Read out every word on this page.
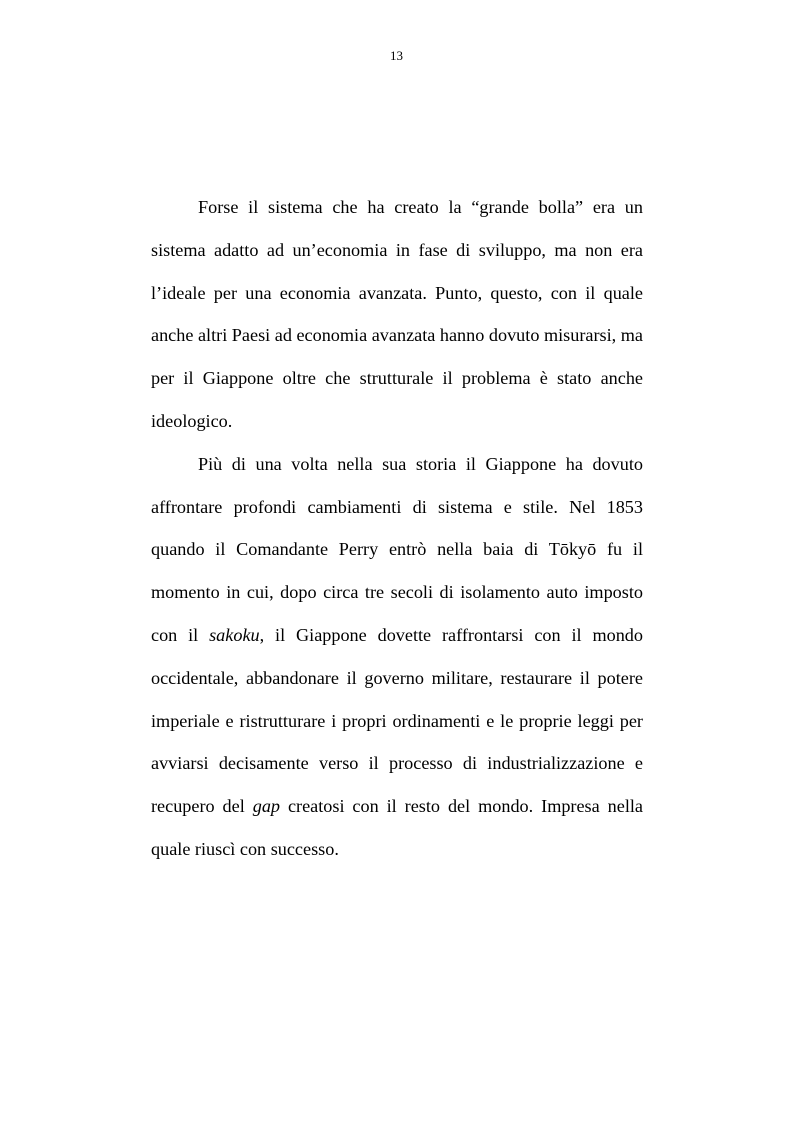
13

Forse il sistema che ha creato la “grande bolla” era un sistema adatto ad un’economia in fase di sviluppo, ma non era l’ideale per una economia avanzata. Punto, questo, con il quale anche altri Paesi ad economia avanzata hanno dovuto misurarsi, ma per il Giappone oltre che strutturale il problema è stato anche ideologico.

Più di una volta nella sua storia il Giappone ha dovuto affrontare profondi cambiamenti di sistema e stile. Nel 1853 quando il Comandante Perry entrò nella baia di Tōkyō fu il momento in cui, dopo circa tre secoli di isolamento auto imposto con il sakoku, il Giappone dovette raffrontarsi con il mondo occidentale, abbandonare il governo militare, restaurare il potere imperiale e ristrutturare i propri ordinamenti e le proprie leggi per avviarsi decisamente verso il processo di industrializzazione e recupero del gap creatosi con il resto del mondo. Impresa nella quale riuscì con successo.
